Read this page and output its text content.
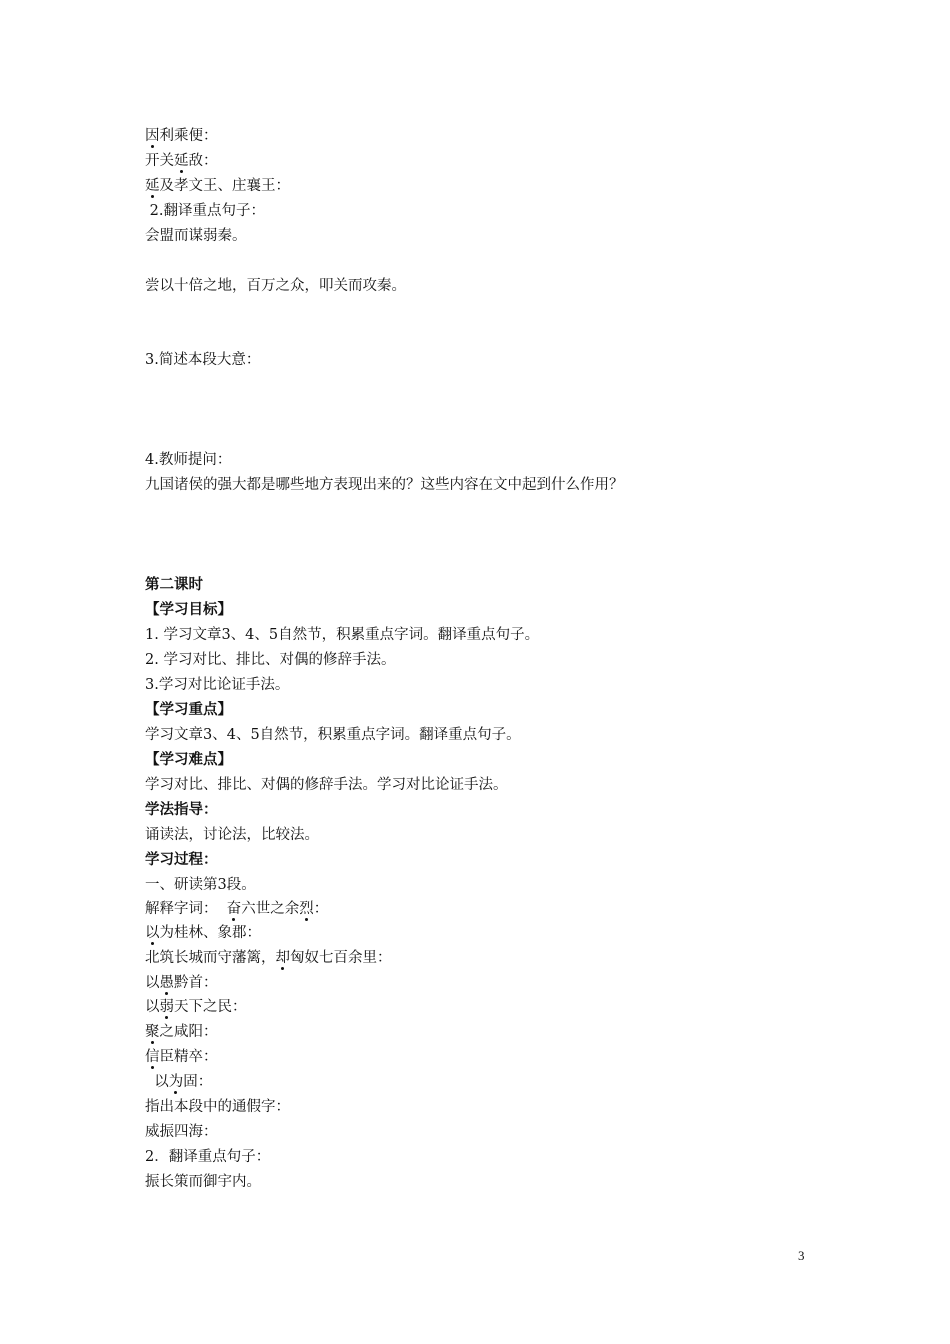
因利乘便：
开关延敌：
延及孝文王、庄襄王：
2.翻译重点句子：
会盟而谋弱秦。
尝以十倍之地，百万之众，叩关而攻秦。
3.简述本段大意：
4.教师提问：
九国诸侯的强大都是哪些地方表现出来的？这些内容在文中起到什么作用？
第二课时
【学习目标】
1. 学习文章3、4、5自然节，积累重点字词。翻译重点句子。
2. 学习对比、排比、对偶的修辞手法。
3.学习对比论证手法。
【学习重点】
学习文章3、4、5自然节，积累重点字词。翻译重点句子。
【学习难点】
学习对比、排比、对偶的修辞手法。学习对比论证手法。
学法指导：
诵读法，讨论法，比较法。
学习过程：
一、研读第3段。
解释字词：  奋六世之余烈：
以为桂林、象郡：
北筑长城而守藩篱，却匈奴七百余里：
以愚黔首：
以弱天下之民：
聚之咸阳：
信臣精卒：
以为固：
指出本段中的通假字：
威振四海：
2．翻译重点句子：
振长策而御宇内。
3
